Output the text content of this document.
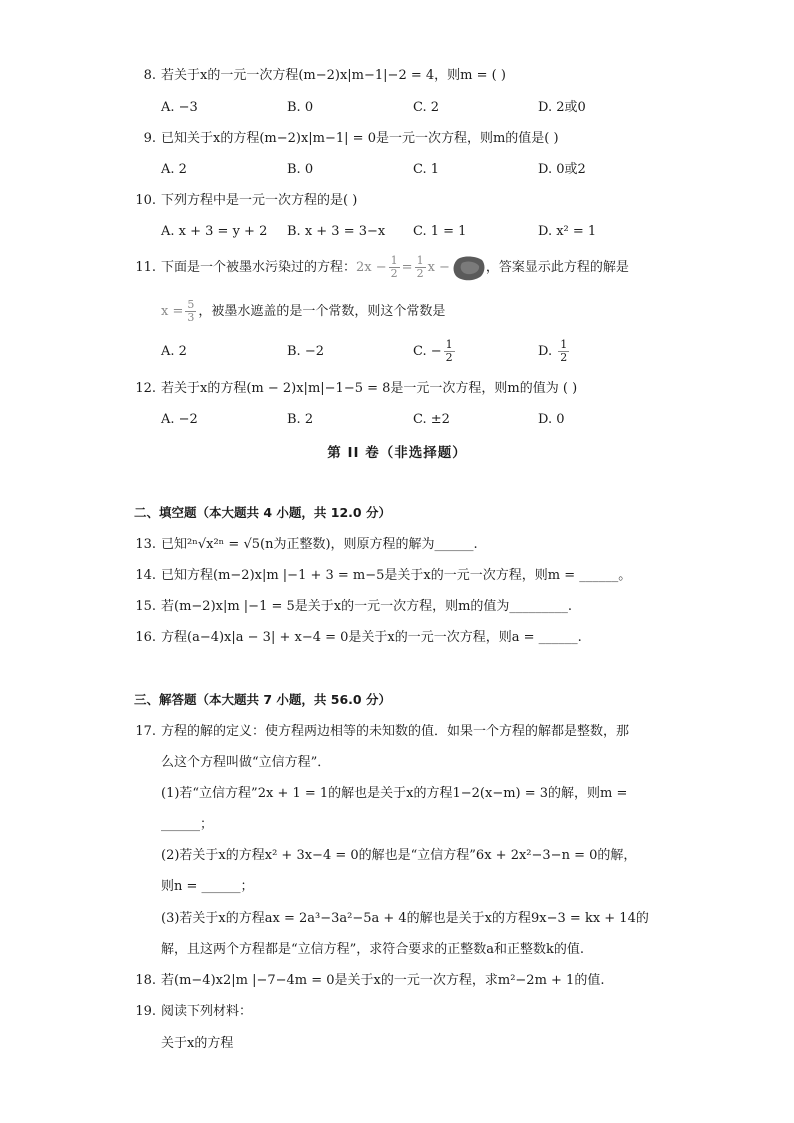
8. 若关于x的一元一次方程(m−2)x|m−1|−2 = 4，则m = ( )
A. −3	B. 0	C. 2	D. 2或0
9. 已知关于x的方程(m−2)x|m−1| = 0是一元一次方程，则m的值是( )
A. 2	B. 0	C. 1	D. 0或2
10. 下列方程中是一元一次方程的是( )
A. x + 3 = y + 2 B. x + 3 = 3−x C. 1 = 1	D. x² = 1
11. 下面是一个被墨水污染过的方程：$2x - \frac{1}{2} = \frac{1}{2}$ x −	，答案显示此方程的解是
$x = \frac{5}{3}$ ，被墨水遮盖的是一个常数，则这个常数是
A. 2	B. −2	C. − $\frac{1}{2}$	D. $\frac{1}{2}$
12. 若关于x的方程(m − 2)x|m|−1−5 = 8是一元一次方程，则m的值为 ( )
A. −2	B. 2	C. ±2	D. 0
第 II 卷（非选择题）
二、填空题（本大题共 4 小题，共 12.0 分）
13. 已知²ⁿ√x²ⁿ = √5(n为正整数)，则原方程的解为______.
14. 已知方程(m−2)x|m |−1 + 3 = m−5是关于x的一元一次方程，则m = ______。
15. 若(m−2)x|m |−1 = 5是关于x的一元一次方程，则m的值为_________.
16. 方程(a−4)x|a − 3| + x−4 = 0是关于x的一元一次方程，则a = ______.
三、解答题（本大题共 7 小题，共 56.0 分）
17. 方程的解的定义：使方程两边相等的未知数的值．如果一个方程的解都是整数，那
么这个方程叫做“立信方程”．
(1)若“立信方程”2x + 1 = 1的解也是关于x的方程1−2(x−m) = 3的解，则m =
______；
(2)若关于x的方程x² + 3x−4 = 0的解也是“立信方程”6x + 2x²−3−n = 0的解，
则n = ______；
(3)若关于x的方程ax = 2a³−3a²−5a + 4的解也是关于x的方程9x−3 = kx + 14的
解，且这两个方程都是“立信方程”，求符合要求的正整数a和正整数k的值.
18. 若(m−4)x2|m |−7−4m = 0是关于x的一元一次方程，求m²−2m + 1的值.
19. 阅读下列材料：
关于x的方程
